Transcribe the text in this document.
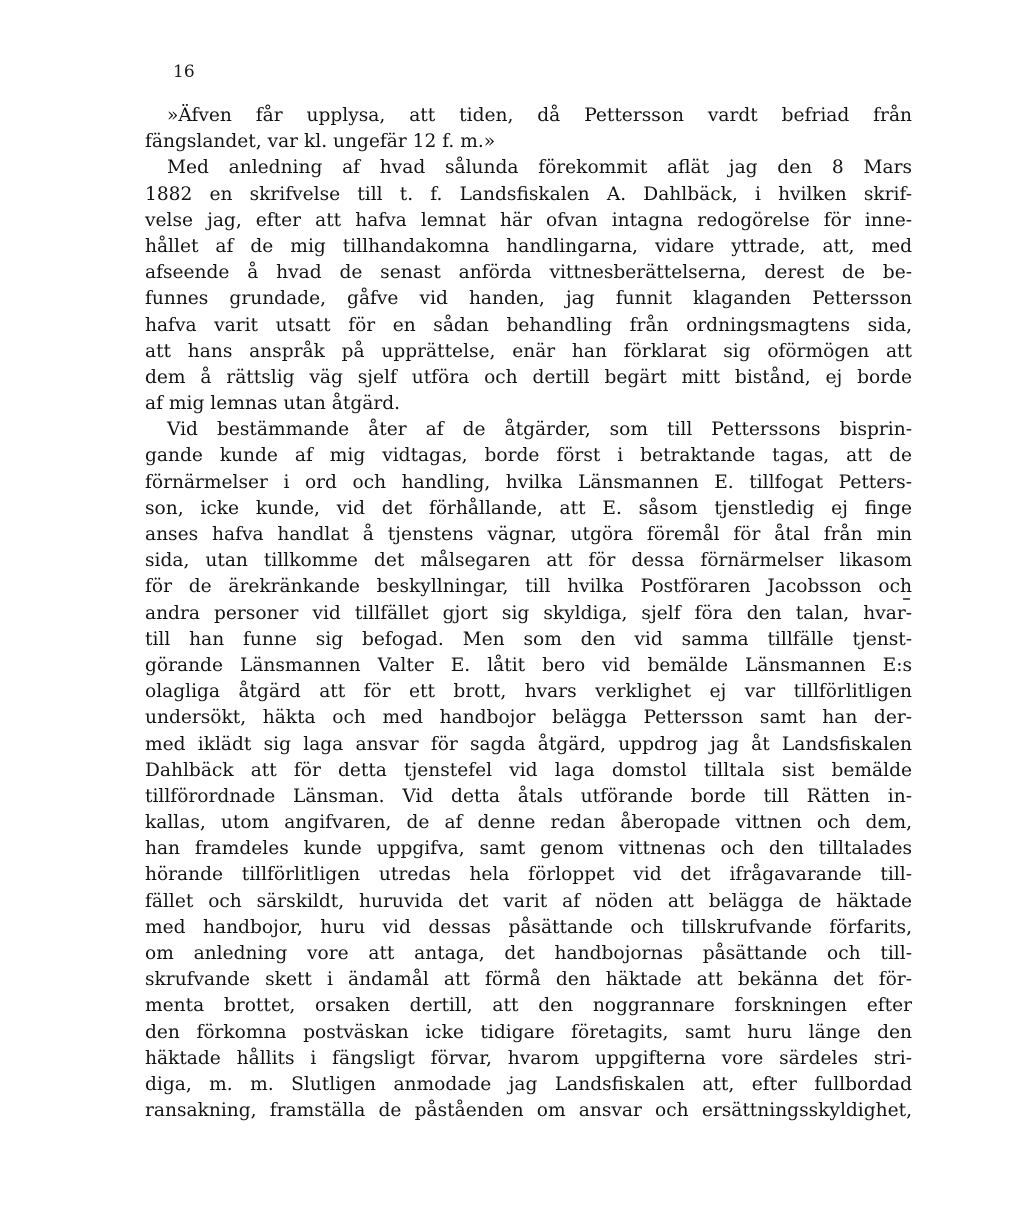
16
»Äfven får upplysa, att tiden, då Pettersson vardt befriad från
fängslandet, var kl. ungefär 12 f. m.»
Med anledning af hvad sålunda förekommit aflät jag den 8 Mars
1882 en skrifvelse till t. f. Landsfiskalen A. Dahlbäck, i hvilken skrif-
velse jag, efter att hafva lemnat här ofvan intagna redogörelse för inne-
hållet af de mig tillhandakomna handlingarna, vidare yttrade, att, med
afseende å hvad de senast anförda vittnesberättelserna, derest de be-
funnes grundade, gåfve vid handen, jag funnit klaganden Pettersson
hafva varit utsatt för en sådan behandling från ordningsmagtens sida,
att hans anspråk på upprättelse, enär han förklarat sig oförmögen att
dem å rättslig väg sjelf utföra och dertill begärt mitt bistånd, ej borde
af mig lemnas utan åtgärd.
Vid bestämmande åter af de åtgärder, som till Petterssons bisprin-
gande kunde af mig vidtagas, borde först i betraktande tagas, att de
förnärmelser i ord och handling, hvilka Länsmannen E. tillfogat Petters-
son, icke kunde, vid det förhållande, att E. såsom tjenstledig ej finge
anses hafva handlat å tjenstens vägnar, utgöra föremål för åtal från min
sida, utan tillkomme det målsegaren att för dessa förnärmelser likasom
för de ärekränkande beskyllningar, till hvilka Postföraren Jacobsson och
andra personer vid tillfället gjort sig skyldiga, sjelf föra den talan, hvar-
till han funne sig befogad. Men som den vid samma tillfälle tjenst-
görande Länsmannen Valter E. låtit bero vid bemälde Länsmannen E:s
olagliga åtgärd att för ett brott, hvars verklighet ej var tillförlitligen
undersökt, häkta och med handbojor belägga Pettersson samt han der-
med iklädt sig laga ansvar för sagda åtgärd, uppdrog jag åt Landsfiskalen
Dahlbäck att för detta tjenstefel vid laga domstol tilltala sist bemälde
tillförordnade Länsman. Vid detta åtals utförande borde till Rätten in-
kallas, utom angifvaren, de af denne redan åberopade vittnen och dem,
han framdeles kunde uppgifva, samt genom vittnenas och den tilltalades
hörande tillförlitligen utredas hela förloppet vid det ifrågavarande till-
fället och särskildt, huruvida det varit af nöden att belägga de häktade
med handbojor, huru vid dessas påsättande och tillskrufvande förfarits,
om anledning vore att antaga, det handbojornas påsättande och till-
skrufvande skett i ändamål att förmå den häktade att bekänna det för-
menta brottet, orsaken dertill, att den noggrannare forskningen efter
den förkomna postväskan icke tidigare företagits, samt huru länge den
häktade hållits i fängsligt förvar, hvarom uppgifterna vore särdeles stri-
diga, m. m. Slutligen anmodade jag Landsfiskalen att, efter fullbordad
ransakning, framställa de påståenden om ansvar och ersättningsskyldighet,
